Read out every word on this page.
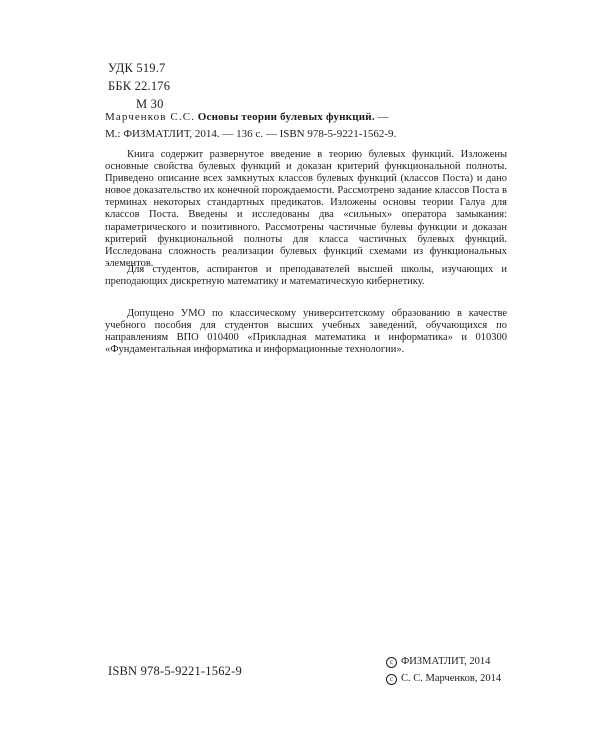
УДК 519.7
ББК 22.176
М 30
Марченков С.С. Основы теории булевых функций. —
М.: ФИЗМАТЛИТ, 2014. — 136 с. — ISBN 978-5-9221-1562-9.

Книга содержит развернутое введение в теорию булевых функций. Изложены основные свойства булевых функций и доказан критерий функциональной полноты. Приведено описание всех замкнутых классов булевых функций (классов Поста) и дано новое доказательство их конечной порождаемости. Рассмотрено задание классов Поста в терминах некоторых стандартных предикатов. Изложены основы теории Галуа для классов Поста. Введены и исследованы два «сильных» оператора замыкания: параметрического и позитивного. Рассмотрены частичные булевы функции и доказан критерий функциональной полноты для класса частичных булевых функций. Исследована сложность реализации булевых функций схемами из функциональных элементов.

Для студентов, аспирантов и преподавателей высшей школы, изучающих и преподающих дискретную математику и математическую кибернетику.

Допущено УМО по классическому университетскому образованию в качестве учебного пособия для студентов высших учебных заведений, обучающихся по направлениям ВПО 010400 «Прикладная математика и информатика» и 010300 «Фундаментальная информатика и информационные технологии».

ISBN 978-5-9221-1562-9
c ФИЗМАТЛИТ, 2014
c С. С. Марченков, 2014
